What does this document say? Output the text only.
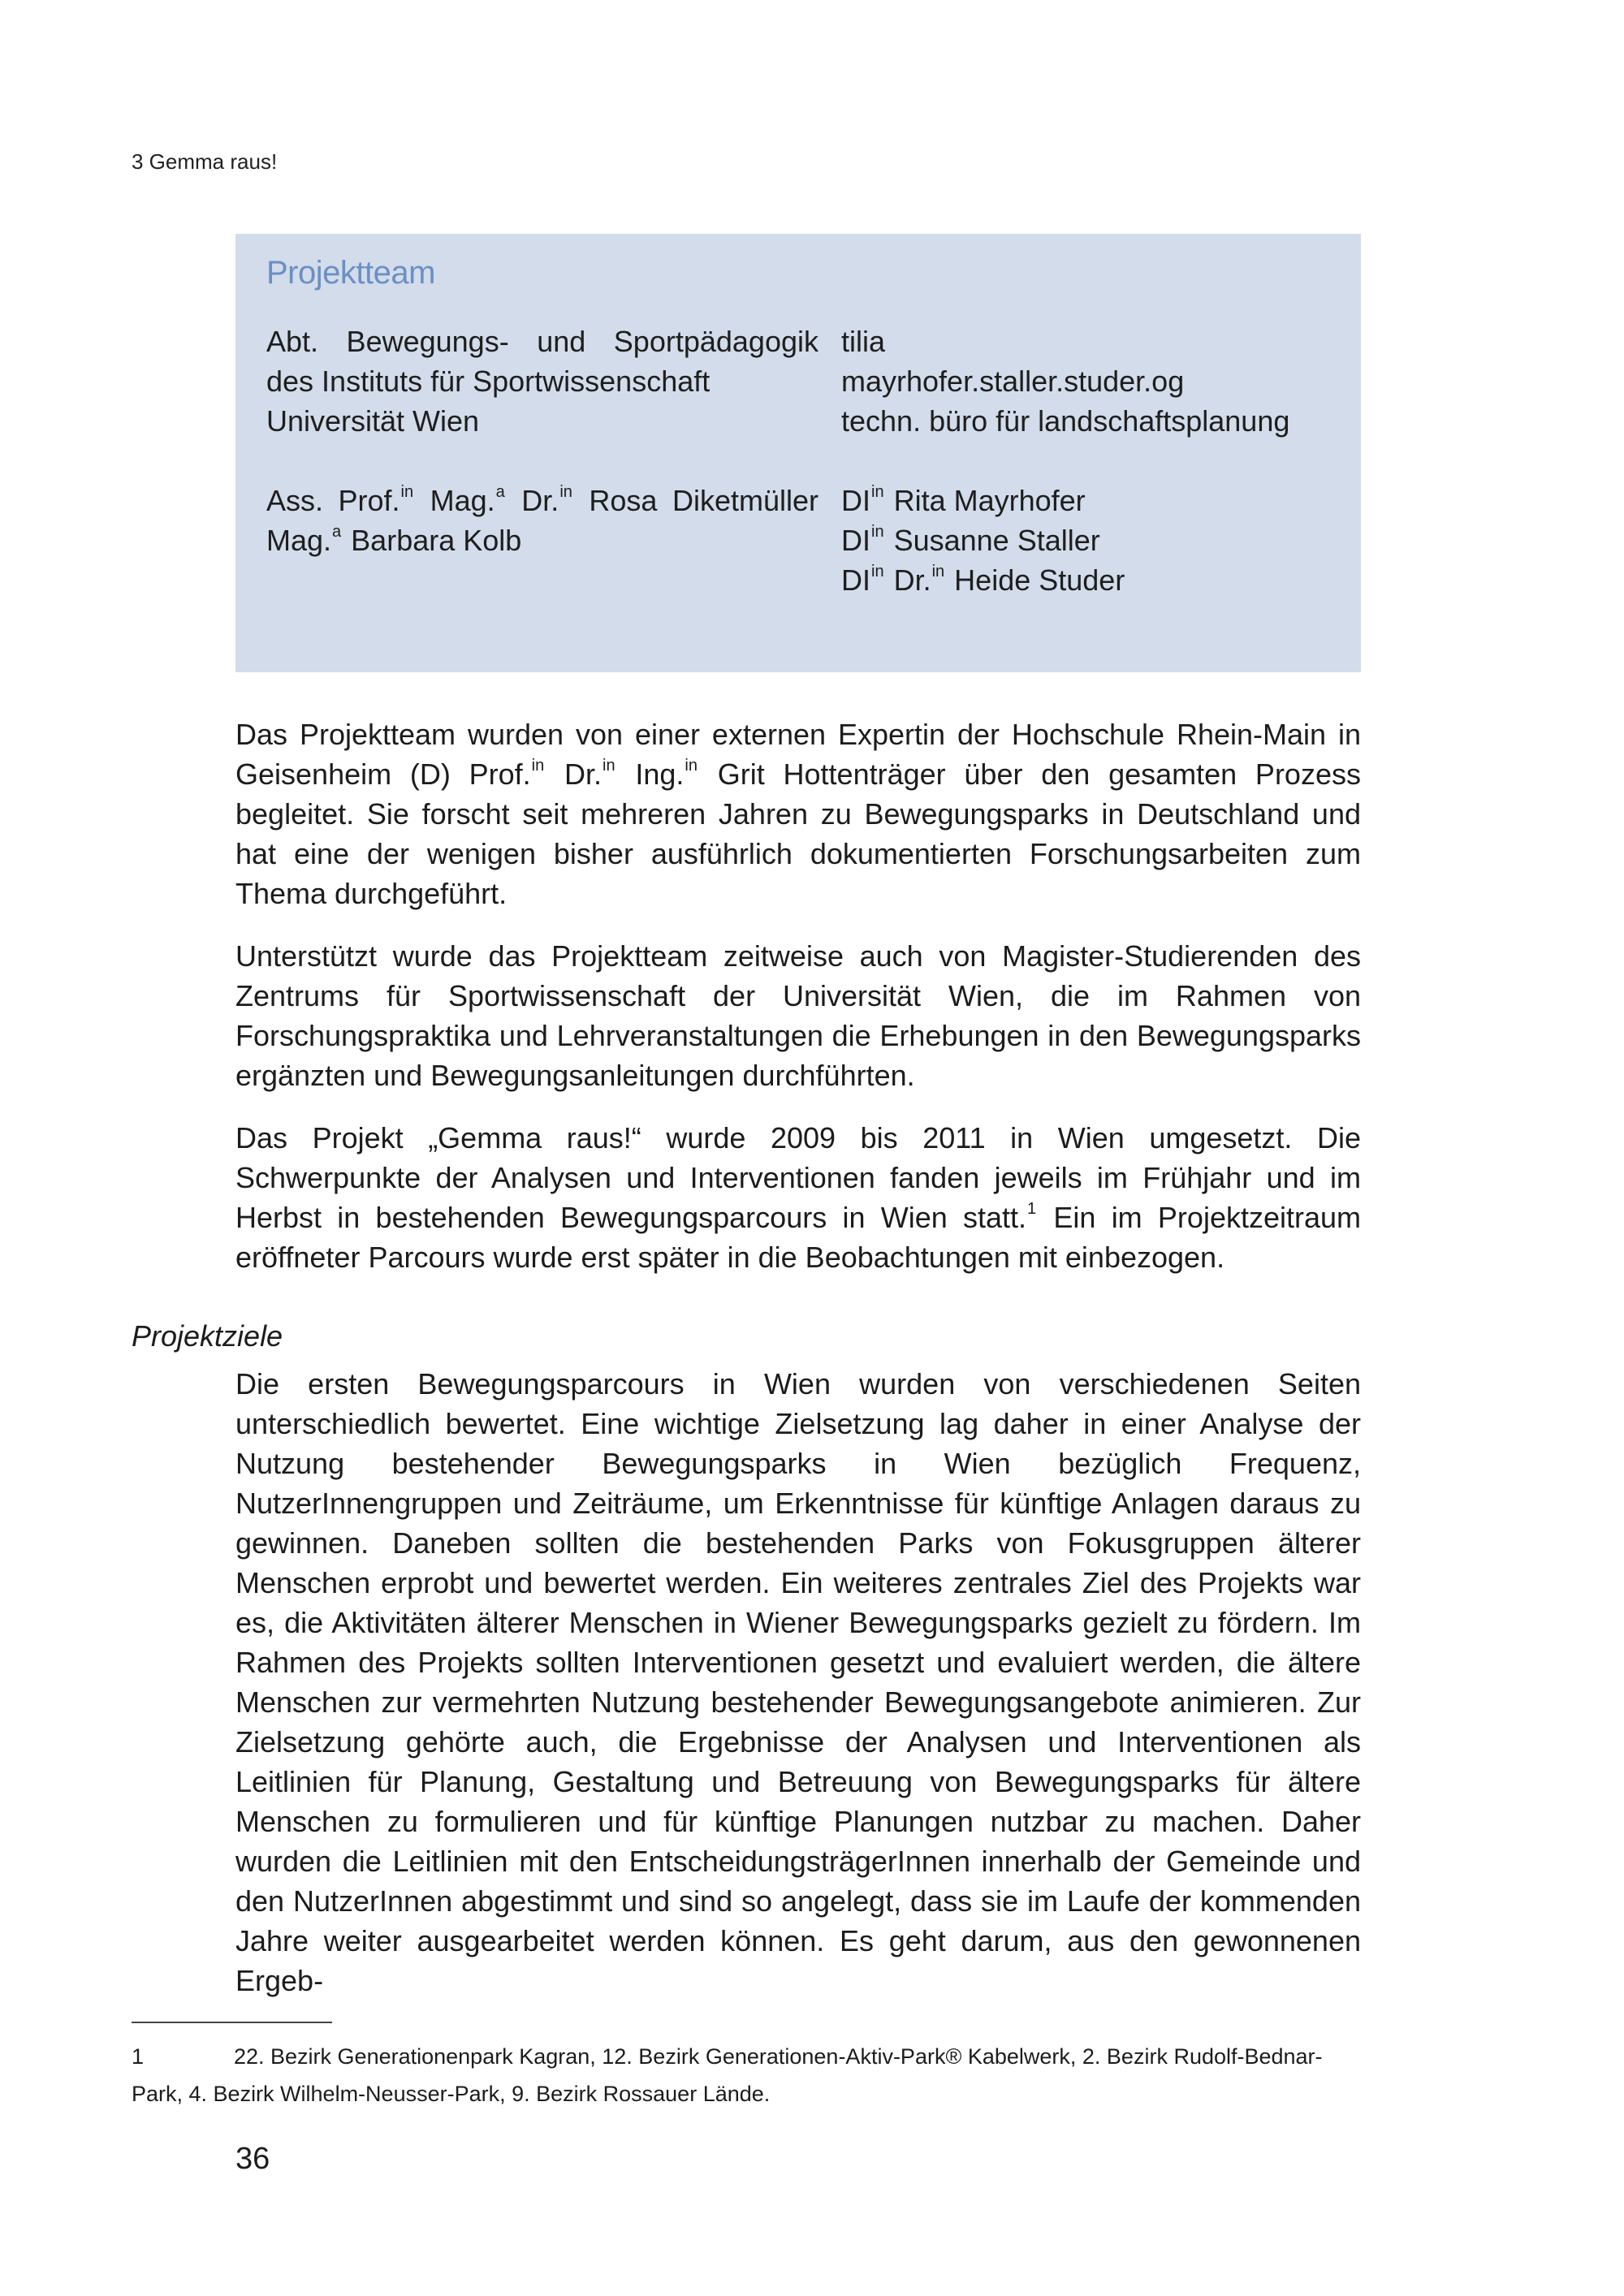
3 Gemma raus!
Projektteam
Abt. Bewegungs- und Sportpädagogik
des Instituts für Sportwissenschaft
Universität Wien
Ass. Prof.$^{in}$ Mag.$^a$ Dr.$^{in}$ Rosa Diketmüller
Mag.$^a$ Barbara Kolb
tilia
mayrhofer.staller.studer.og
techn. büro für landschaftsplanung
$DI^{in}$ Rita Mayrhofer
$DI^{in}$ Susanne Staller
$DI^{in}$ Dr.$^{in}$ Heide Studer

Das Projektteam wurden von einer externen Expertin der Hochschule Rhein-Main in Geisenheim (D) Prof.$^{in}$ Dr.$^{in}$ Ing.$^{in}$ Grit Hottenträger über den gesamten Prozess begleitet. Sie forscht seit mehreren Jahren zu Bewegungsparks in Deutschland und hat eine der wenigen bisher ausführlich dokumentierten Forschungsarbeiten zum Thema durchgeführt.

Unterstützt wurde das Projektteam zeitweise auch von Magister-Studierenden des Zentrums für Sportwissenschaft der Universität Wien, die im Rahmen von Forschungspraktika und Lehrveranstaltungen die Erhebungen in den Bewegungsparks ergänzten und Bewegungsanleitungen durchführten.

Das Projekt „Gemma raus!“ wurde 2009 bis 2011 in Wien umgesetzt. Die Schwerpunkte der Analysen und Interventionen fanden jeweils im Frühjahr und im Herbst in bestehenden Bewegungsparcours in Wien statt.$^1$ Ein im Projektzeitraum eröffneter Parcours wurde erst später in die Beobachtungen mit einbezogen.

Projektziele

Die ersten Bewegungsparcours in Wien wurden von verschiedenen Seiten unterschiedlich bewertet. Eine wichtige Zielsetzung lag daher in einer Analyse der Nutzung bestehender Bewegungsparks in Wien bezüglich Frequenz, NutzerInnengruppen und Zeiträume, um Erkenntnisse für künftige Anlagen daraus zu gewinnen. Daneben sollten die bestehenden Parks von Fokusgruppen älterer Menschen erprobt und bewertet werden. Ein weiteres zentrales Ziel des Projekts war es, die Aktivitäten älterer Menschen in Wiener Bewegungsparks gezielt zu fördern. Im Rahmen des Projekts sollten Interventionen gesetzt und evaluiert werden, die ältere Menschen zur vermehrten Nutzung bestehender Bewegungsangebote animieren. Zur Zielsetzung gehörte auch, die Ergebnisse der Analysen und Interventionen als Leitlinien für Planung, Gestaltung und Betreuung von Bewegungsparks für ältere Menschen zu formulieren und für künftige Planungen nutzbar zu machen. Daher wurden die Leitlinien mit den EntscheidungsträgerInnen innerhalb der Gemeinde und den NutzerInnen abgestimmt und sind so angelegt, dass sie im Laufe der kommenden Jahre weiter ausgearbeitet werden können. Es geht darum, aus den gewonnenen Ergeb-

1	22. Bezirk Generationenpark Kagran, 12. Bezirk Generationen-Aktiv-Park® Kabelwerk, 2. Bezirk Rudolf-Bednar-Park, 4. Bezirk Wilhelm-Neusser-Park, 9. Bezirk Rossauer Lände.
36
